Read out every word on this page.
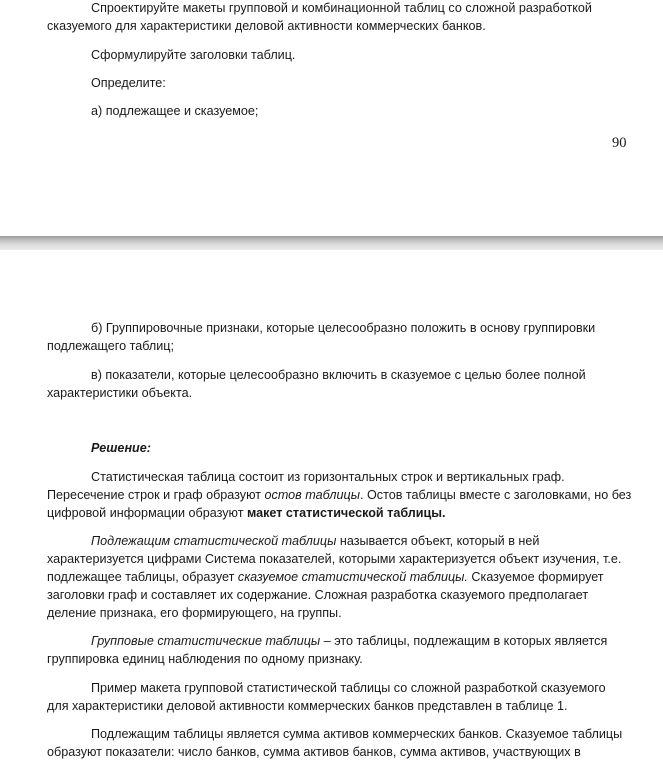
Спроектируйте макеты групповой и комбинационной таблиц со сложной разработкой
сказуемого для характеристики деловой активности коммерческих банков.

Сформулируйте заголовки таблиц.

Определите:

а) подлежащее и сказуемое;

90

б) Группировочные признаки, которые целесообразно положить в основу группировки
подлежащего таблиц;

в) показатели, которые целесообразно включить в сказуемое с целью более полной
характеристики объекта.

Решение:

Статистическая таблица состоит из горизонтальных строк и вертикальных граф.
Пересечение строк и граф образуют остов таблицы. Остов таблицы вместе с заголовками, но без
цифровой информации образуют макет статистической таблицы.

Подлежащим статистической таблицы называется объект, который в ней
характеризуется цифрами Система показателей, которыми характеризуется объект изучения, т.е.
подлежащее таблицы, образует сказуемое статистической таблицы. Сказуемое формирует
заголовки граф и составляет их содержание. Сложная разработка сказуемого предполагает
деление признака, его формирующего, на группы.

Групповые статистические таблицы – это таблицы, подлежащим в которых является
группировка единиц наблюдения по одному признаку.

Пример макета групповой статистической таблицы со сложной разработкой сказуемого
для характеристики деловой активности коммерческих банков представлен в таблице 1.

Подлежащим таблицы является сумма активов коммерческих банков. Сказуемое таблицы
образуют показатели: число банков, сумма активов банков, сумма активов, участвующих в
